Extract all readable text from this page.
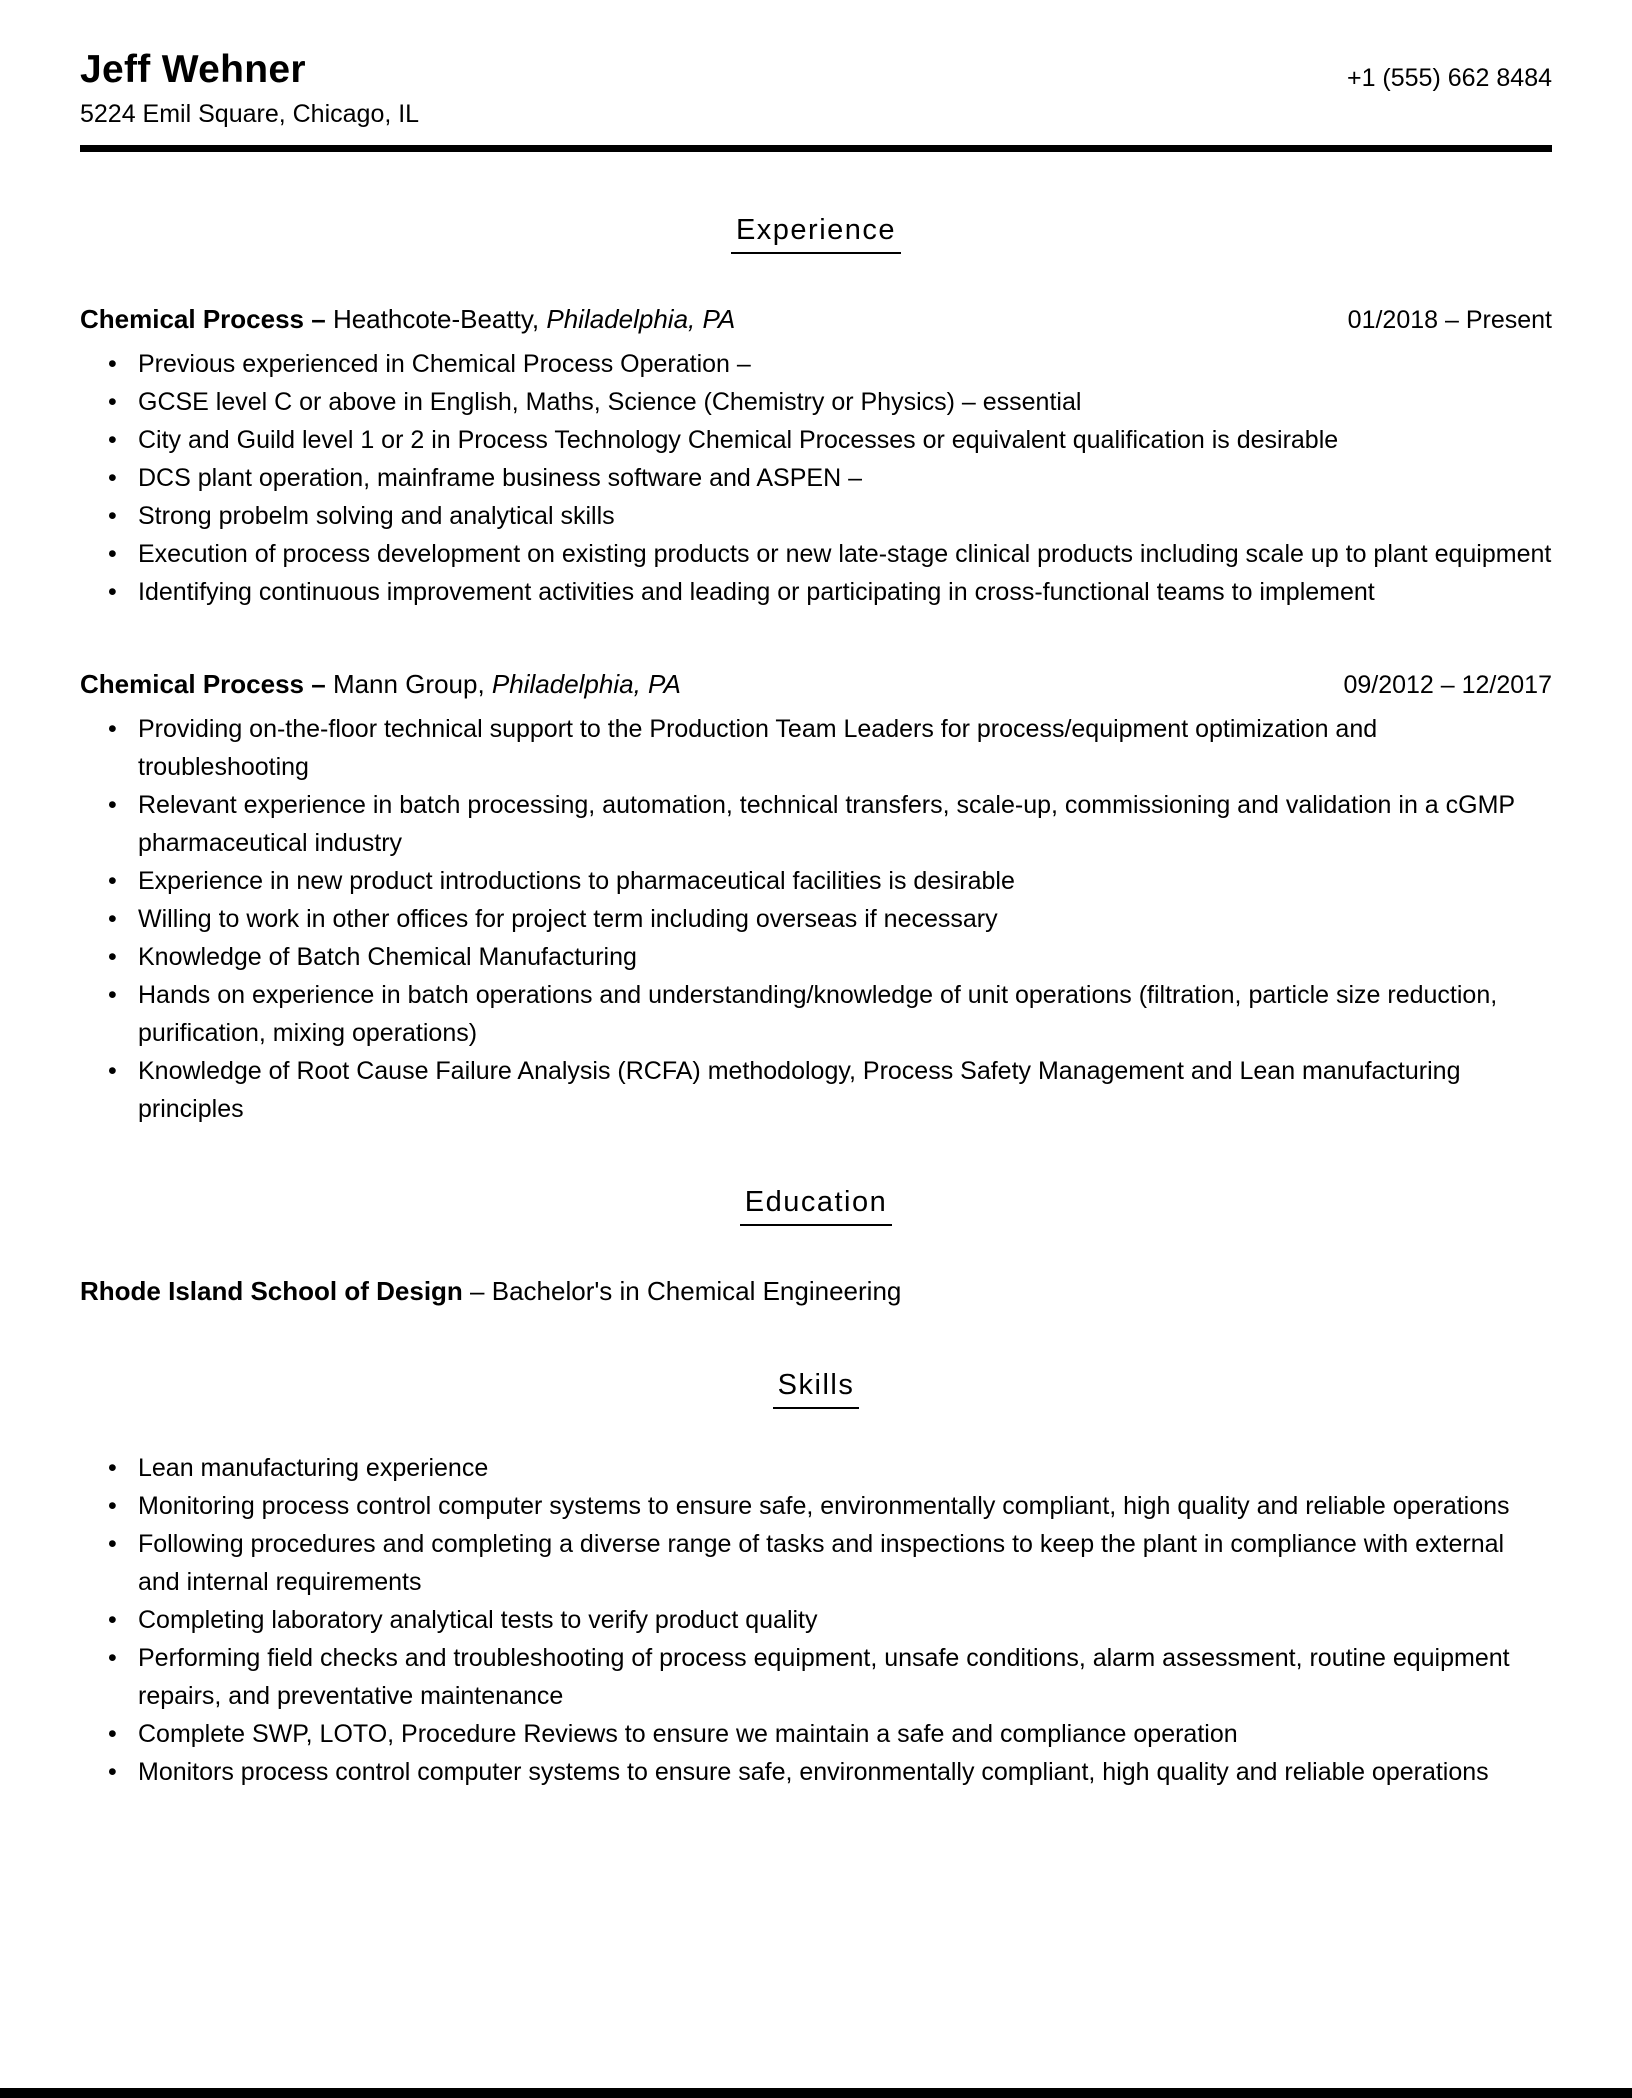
Jeff Wehner
5224 Emil Square, Chicago, IL
+1 (555) 662 8484
Experience
Chemical Process – Heathcote-Beatty, Philadelphia, PA	01/2018 – Present
• Previous experienced in Chemical Process Operation –
• GCSE level C or above in English, Maths, Science (Chemistry or Physics) – essential
• City and Guild level 1 or 2 in Process Technology Chemical Processes or equivalent qualification is desirable
• DCS plant operation, mainframe business software and ASPEN –
• Strong probelm solving and analytical skills
• Execution of process development on existing products or new late-stage clinical products including scale up to plant equipment
• Identifying continuous improvement activities and leading or participating in cross-functional teams to implement
Chemical Process – Mann Group, Philadelphia, PA	09/2012 – 12/2017
• Providing on-the-floor technical support to the Production Team Leaders for process/equipment optimization and troubleshooting
• Relevant experience in batch processing, automation, technical transfers, scale-up, commissioning and validation in a cGMP pharmaceutical industry
• Experience in new product introductions to pharmaceutical facilities is desirable
• Willing to work in other offices for project term including overseas if necessary
• Knowledge of Batch Chemical Manufacturing
• Hands on experience in batch operations and understanding/knowledge of unit operations (filtration, particle size reduction, purification, mixing operations)
• Knowledge of Root Cause Failure Analysis (RCFA) methodology, Process Safety Management and Lean manufacturing principles
Education
Rhode Island School of Design – Bachelor's in Chemical Engineering
Skills
• Lean manufacturing experience
• Monitoring process control computer systems to ensure safe, environmentally compliant, high quality and reliable operations
• Following procedures and completing a diverse range of tasks and inspections to keep the plant in compliance with external and internal requirements
• Completing laboratory analytical tests to verify product quality
• Performing field checks and troubleshooting of process equipment, unsafe conditions, alarm assessment, routine equipment repairs, and preventative maintenance
• Complete SWP, LOTO, Procedure Reviews to ensure we maintain a safe and compliance operation
• Monitors process control computer systems to ensure safe, environmentally compliant, high quality and reliable operations
